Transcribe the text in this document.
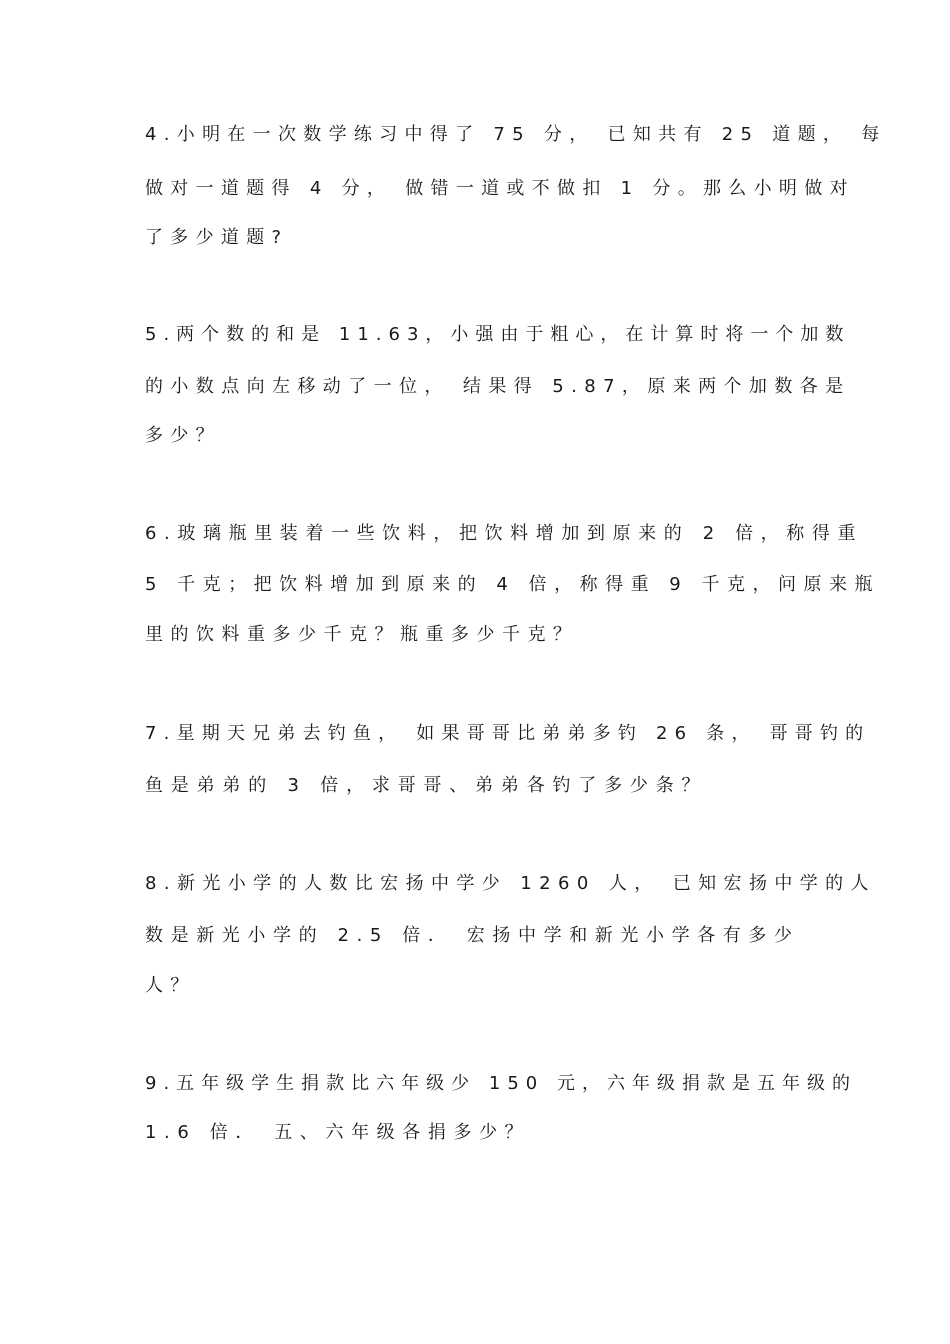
4.小明在一次数学练习中得了 75 分， 已知共有 25 道题， 每
做对一道题得 4 分， 做错一道或不做扣 1 分。那么小明做对
了多少道题?
5.两个数的和是 11.63，小强由于粗心，在计算时将一个加数
的小数点向左移动了一位， 结果得 5.87，原来两个加数各是
多少？
6.玻璃瓶里装着一些饮料，把饮料增加到原来的 2 倍，称得重
5 千克；把饮料增加到原来的 4 倍，称得重 9 千克，问原来瓶
里的饮料重多少千克？瓶重多少千克？
7.星期天兄弟去钓鱼， 如果哥哥比弟弟多钓 26 条， 哥哥钓的
鱼是弟弟的 3 倍，求哥哥、弟弟各钓了多少条？
8.新光小学的人数比宏扬中学少 1260 人， 已知宏扬中学的人
数是新光小学的 2.5 倍． 宏扬中学和新光小学各有多少
人？
9.五年级学生捐款比六年级少 150 元，六年级捐款是五年级的
1.6 倍． 五、六年级各捐多少？
